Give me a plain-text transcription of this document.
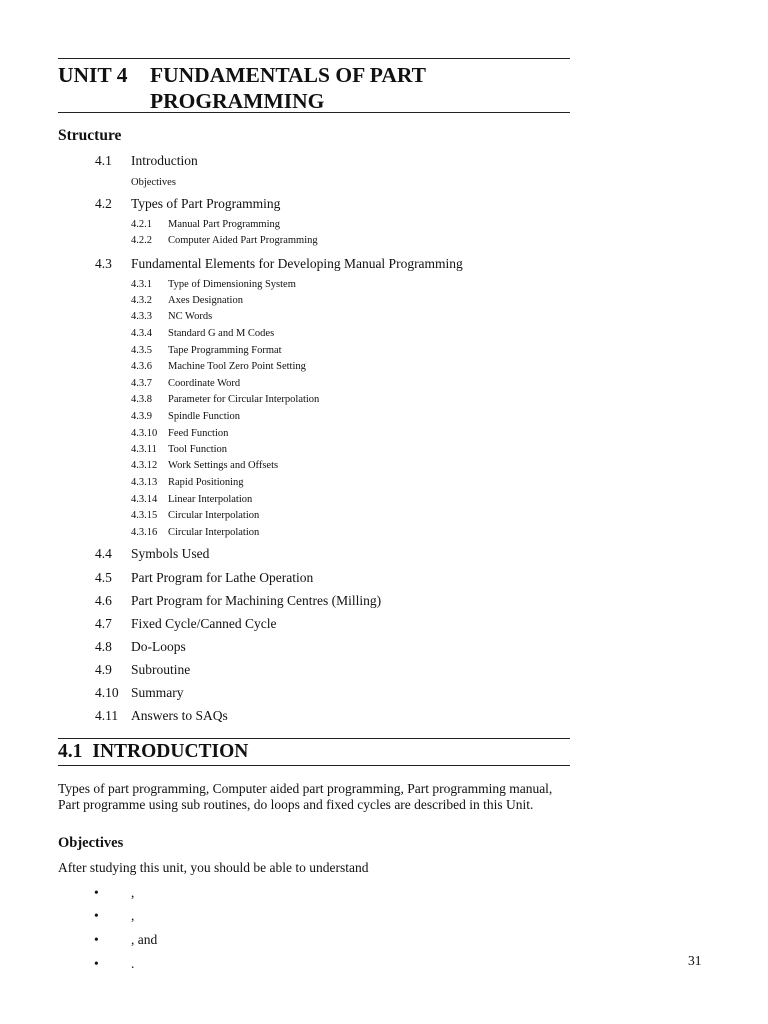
UNIT 4 FUNDAMENTALS OF PART
PROGRAMMING
Structure
4.1 Introduction
Objectives
4.2 Types of Part Programming
4.2.1 Manual Part Programming
4.2.2 Computer Aided Part Programming
4.3 Fundamental Elements for Developing Manual Programming
4.3.1 Type of Dimensioning System
4.3.2 Axes Designation
4.3.3 NC Words
4.3.4 Standard G and M Codes
4.3.5 Tape Programming Format
4.3.6 Machine Tool Zero Point Setting
4.3.7 Coordinate Word
4.3.8 Parameter for Circular Interpolation
4.3.9 Spindle Function
4.3.10 Feed Function
4.3.11 Tool Function
4.3.12 Work Settings and Offsets
4.3.13 Rapid Positioning
4.3.14 Linear Interpolation
4.3.15 Circular Interpolation
4.3.16 Circular Interpolation
4.4 Symbols Used
4.5 Part Program for Lathe Operation
4.6 Part Program for Machining Centres (Milling)
4.7 Fixed Cycle/Canned Cycle
4.8 Do-Loops
4.9 Subroutine
4.10 Summary
4.11 Answers to SAQs
4.1 INTRODUCTION
Types of part programming, Computer aided part programming, Part programming manual, Part programme using sub routines, do loops and fixed cycles are described in this Unit.
Objectives
After studying this unit, you should be able to understand
• ,
• ,
• , and
• .	31
